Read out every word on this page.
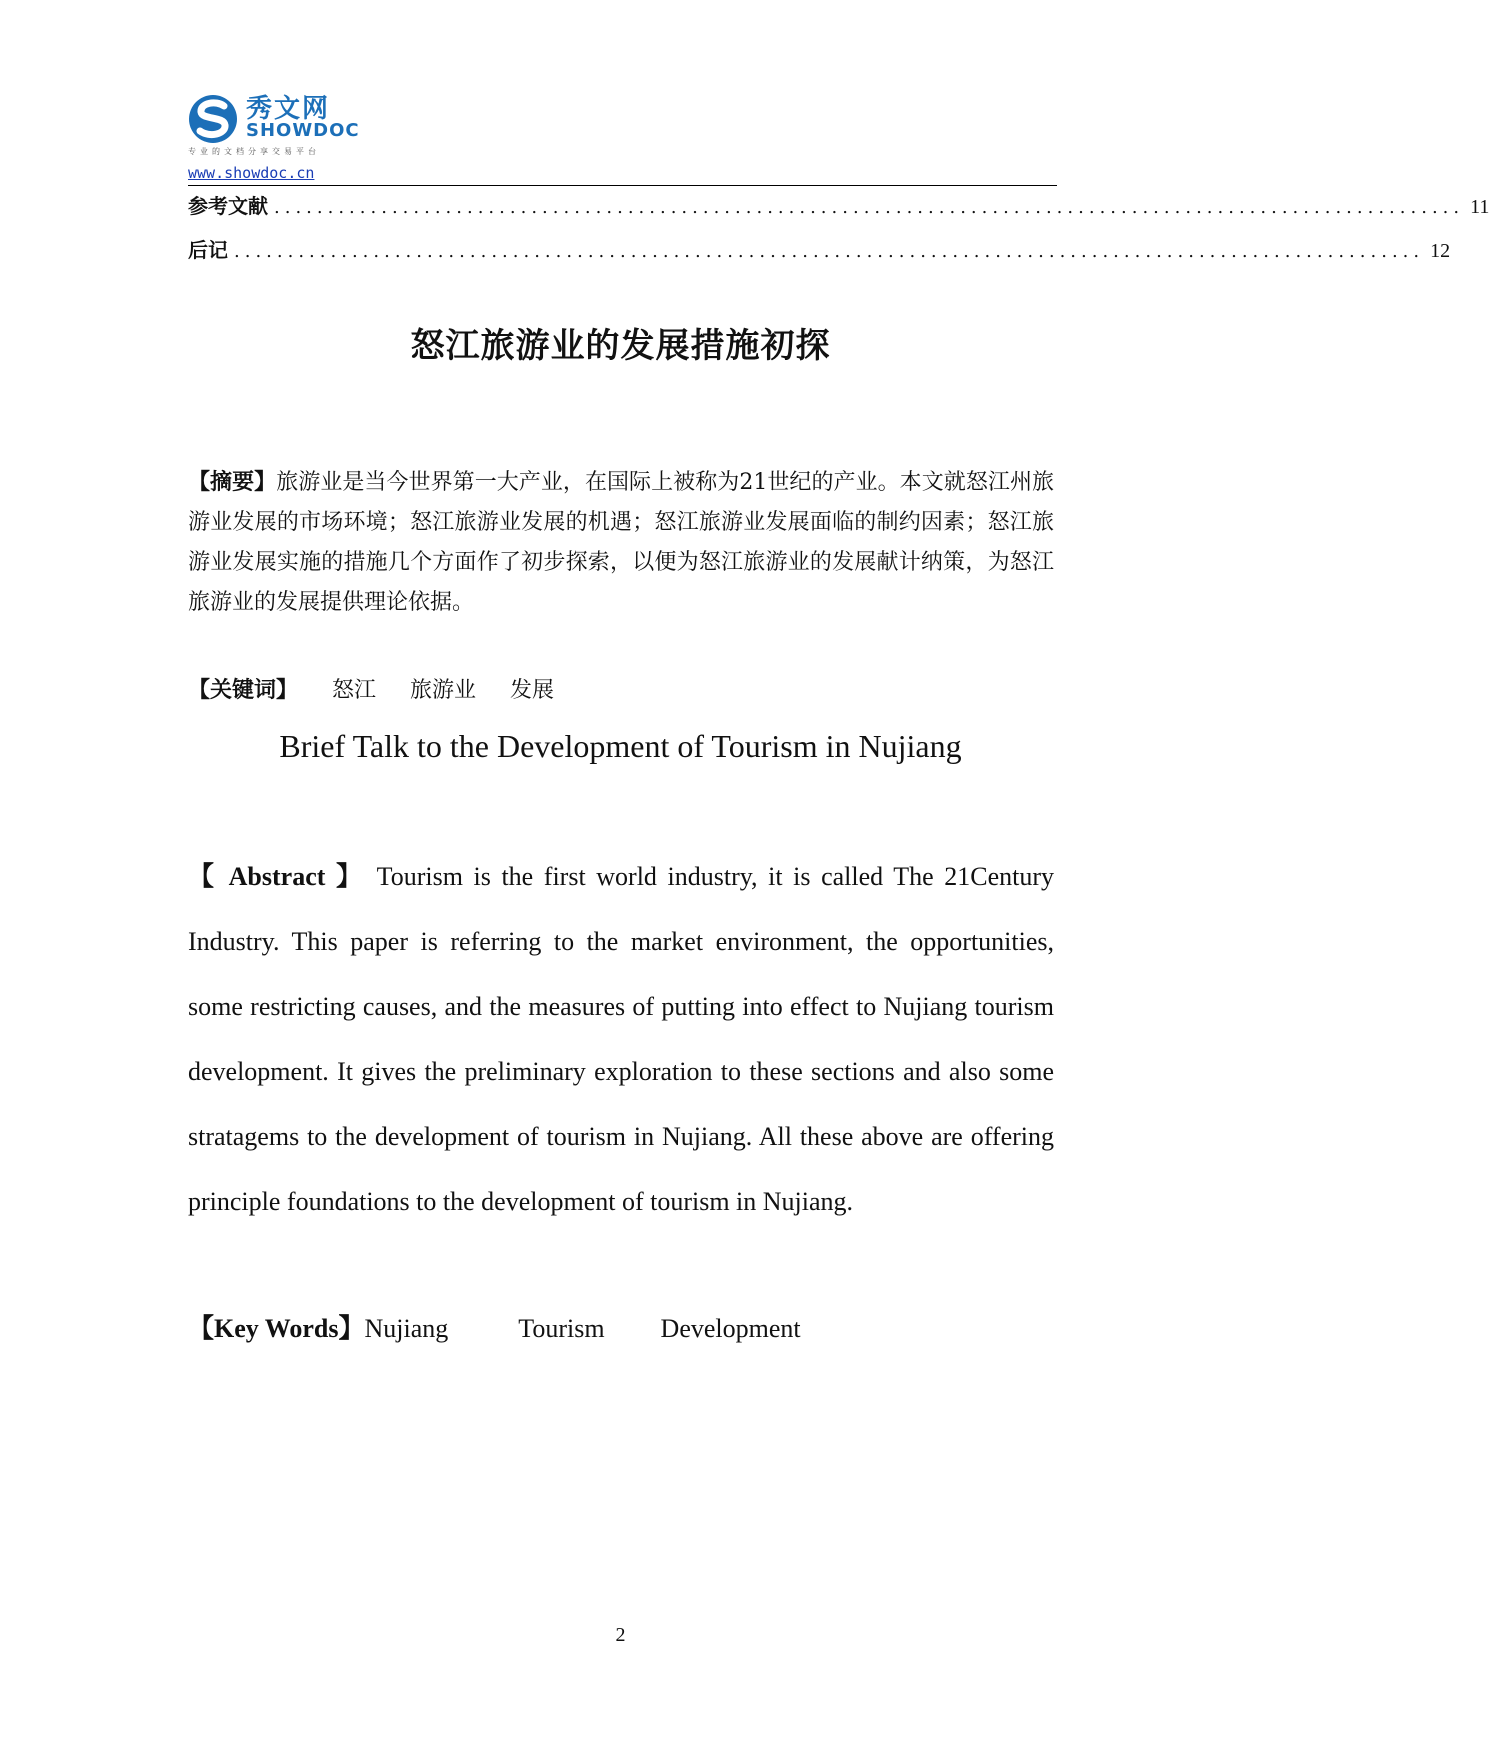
秀文网
SHOWDOC
专业的文档分享交易平台
www.showdoc.cn
参考文献 ............................................................................................................... 11
后记 ............................................................................................................... 12
怒江旅游业的发展措施初探
【摘要】旅游业是当今世界第一大产业，在国际上被称为21世纪的产业。本文就怒江州旅游业发展的市场环境；怒江旅游业发展的机遇；怒江旅游业发展面临的制约因素；怒江旅游业发展实施的措施几个方面作了初步探索，以便为怒江旅游业的发展献计纳策，为怒江旅游业的发展提供理论依据。
【关键词】 怒江 旅游业 发展
Brief Talk to the Development of Tourism in Nujiang
【 Abstract 】 Tourism is the first world industry, it is called The 21Century Industry. This paper is referring to the market environment, the opportunities, some restricting causes, and the measures of putting into effect to Nujiang tourism development. It gives the preliminary exploration to these sections and also some stratagems to the development of tourism in Nujiang. All these above are offering principle foundations to the development of tourism in Nujiang.
【Key Words】Nujiang	Tourism Development
2
